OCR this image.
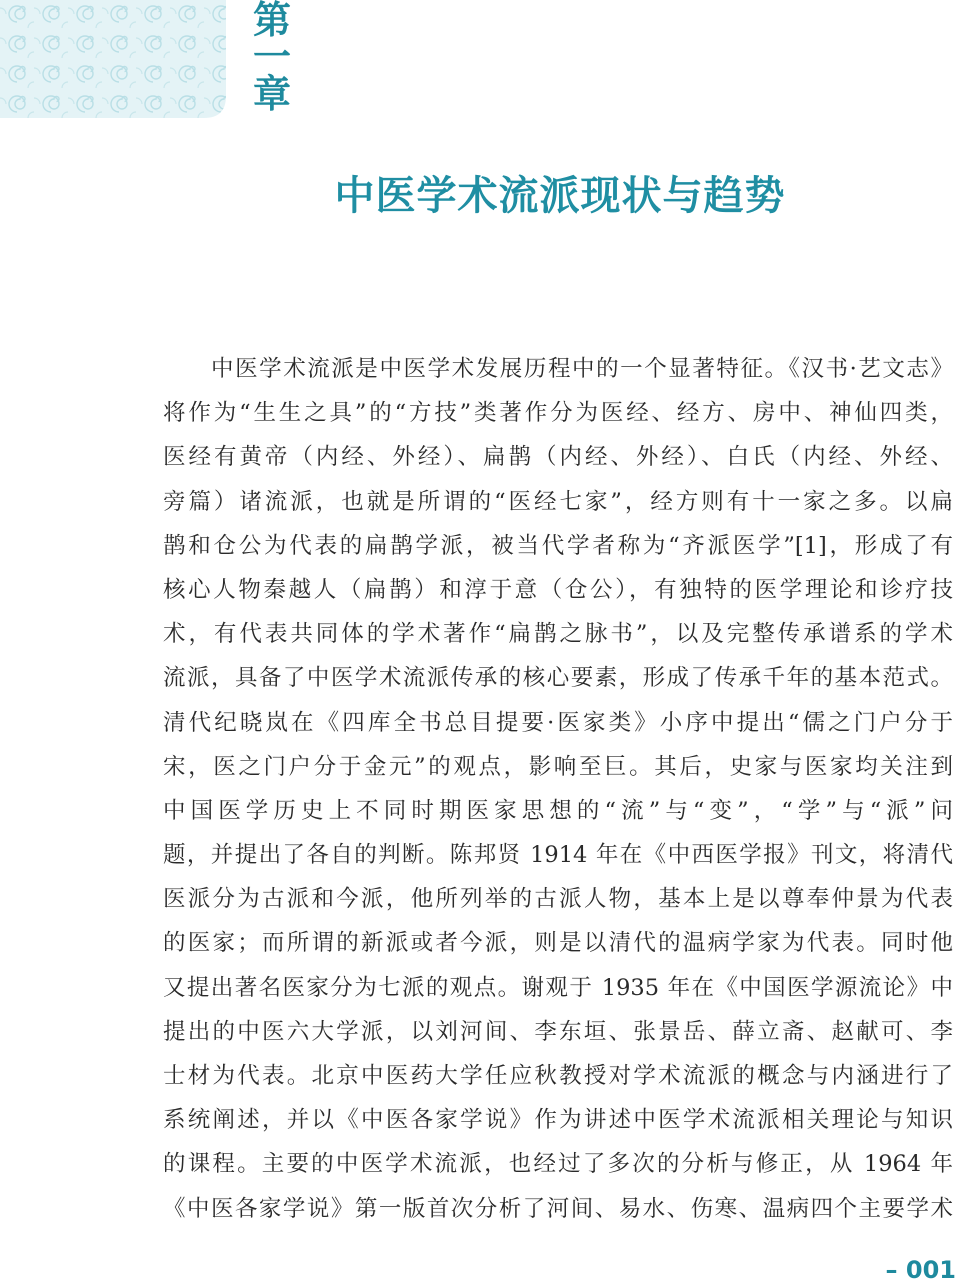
第
一
章
中医学术流派现状与趋势
中医学术流派是中医学术发展历程中的一个显著特征。《汉书·艺文志》
将作为“生生之具”的“方技”类著作分为医经、经方、房中、神仙四类，
医经有黄帝（内经、外经）、扁鹊（内经、外经）、白氏（内经、外经、
旁篇）诸流派，也就是所谓的“医经七家”，经方则有十一家之多。以扁
鹊和仓公为代表的扁鹊学派，被当代学者称为“齐派医学”[1]，形成了有
核心人物秦越人（扁鹊）和淳于意（仓公），有独特的医学理论和诊疗技
术，有代表共同体的学术著作“扁鹊之脉书”，以及完整传承谱系的学术
流派，具备了中医学术流派传承的核心要素，形成了传承千年的基本范式。
清代纪晓岚在《四库全书总目提要·医家类》小序中提出“儒之门户分于
宋，医之门户分于金元”的观点，影响至巨。其后，史家与医家均关注到
中国医学历史上不同时期医家思想的“流”与“变”，“学”与“派”问
题，并提出了各自的判断。陈邦贤 1914 年在《中西医学报》刊文，将清代
医派分为古派和今派，他所列举的古派人物，基本上是以尊奉仲景为代表
的医家；而所谓的新派或者今派，则是以清代的温病学家为代表。同时他
又提出著名医家分为七派的观点。谢观于 1935 年在《中国医学源流论》中
提出的中医六大学派，以刘河间、李东垣、张景岳、薛立斋、赵献可、李
士材为代表。北京中医药大学任应秋教授对学术流派的概念与内涵进行了
系统阐述，并以《中医各家学说》作为讲述中医学术流派相关理论与知识
的课程。主要的中医学术流派，也经过了多次的分析与修正，从 1964 年
《中医各家学说》第一版首次分析了河间、易水、伤寒、温病四个主要学术
– 001
